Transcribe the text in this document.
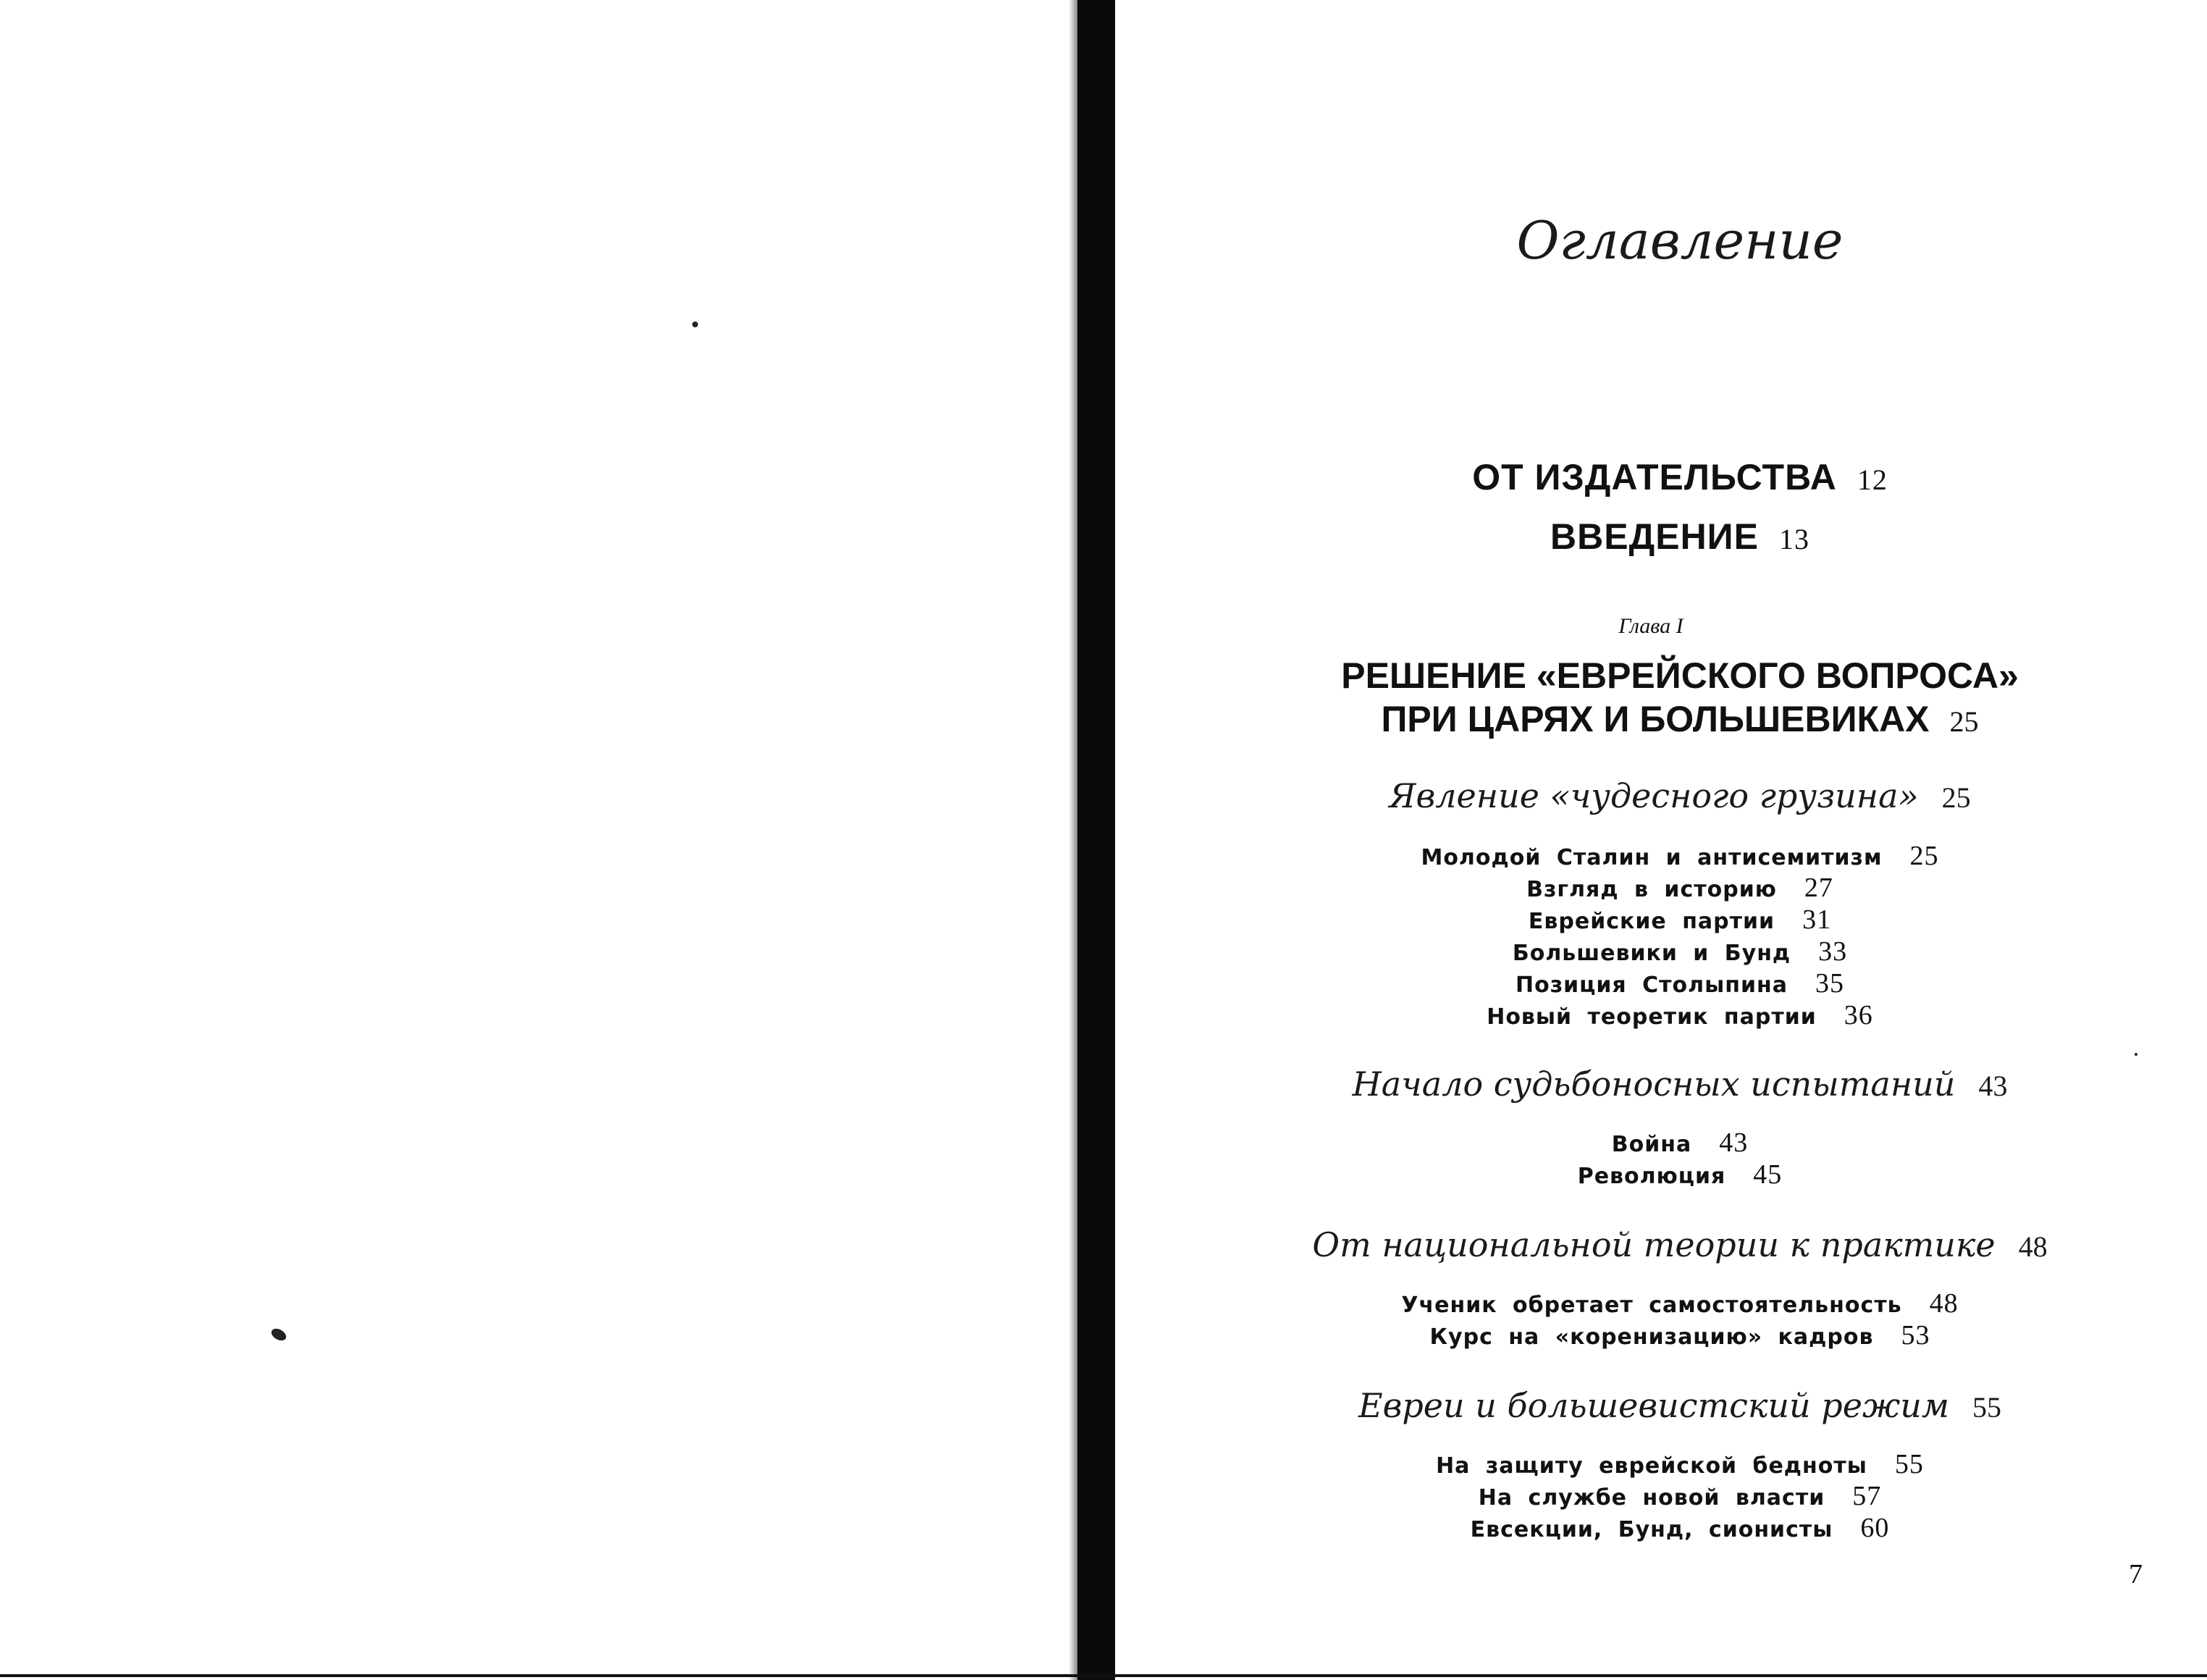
Оглавление
ОТ ИЗДАТЕЛЬСТВА 12
ВВЕДЕНИЕ 13
Глава I
РЕШЕНИЕ «ЕВРЕЙСКОГО ВОПРОСА»
ПРИ ЦАРЯХ И БОЛЬШЕВИКАХ 25
Явление «чудесного грузина» 25
Молодой Сталин и антисемитизм 25
Взгляд в историю 27
Еврейские партии 31
Большевики и Бунд 33
Позиция Столыпина 35
Новый теоретик партии 36
Начало судьбоносных испытаний 43
Война 43
Революция 45
От национальной теории к практике 48
Ученик обретает самостоятельность 48
Курс на «коренизацию» кадров 53
Евреи и большевистский режим 55
На защиту еврейской бедноты 55
На службе новой власти 57
Евсекции, Бунд, сионисты 60
7
